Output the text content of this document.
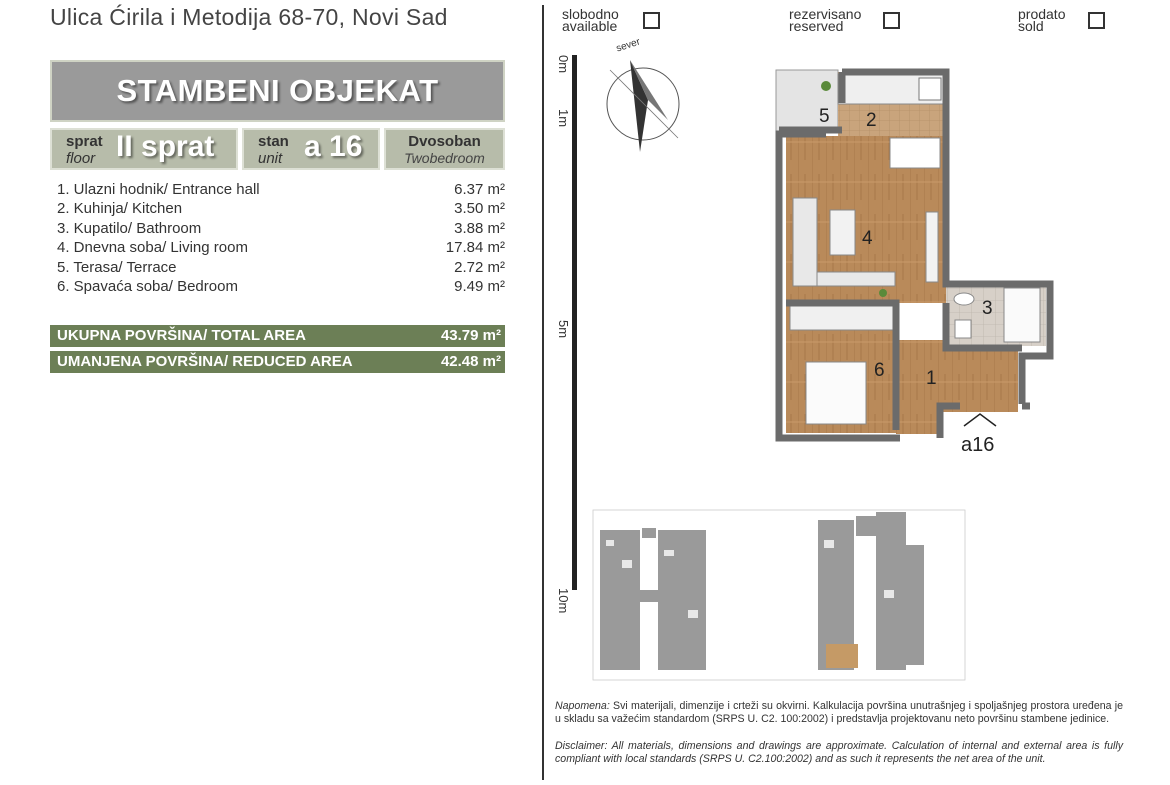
Ulica Ćirila i Metodija 68-70, Novi Sad
STAMBENI OBJEKAT
sprat
floor II sprat	stan
unit a 16	Dvosoban
Twobedroom
1. Ulazni hodnik/ Entrance hall	6.37 m²
2. Kuhinja/ Kitchen	3.50 m²
3. Kupatilo/ Bathroom	3.88 m²
4. Dnevna soba/ Living room	17.84 m²
5. Terasa/ Terrace	2.72 m²
6. Spavaća soba/ Bedroom	9.49 m²
UKUPNA POVRŠINA/ TOTAL AREA	43.79 m²
UMANJENA POVRŠINA/ REDUCED AREA	42.48 m²
slobodno
available
rezervisano
reserved
prodato
sold
0m
1m
5m
10m
5 2
4
3
6 1
sever
a16
Napomena: Svi materijali, dimenzije i crteži su okvirni. Kalkulacija površina unutrašnjeg i spoljašnjeg prostora uređena je u skladu sa važećim standardom (SRPS U. C2. 100:2002) i predstavlja projektovanu neto površinu stambene jedinice.
Disclaimer: All materials, dimensions and drawings are approximate. Calculation of internal and external area is fully compliant with local standards (SRPS U. C2.100:2002) and as such it represents the net area of the unit.
